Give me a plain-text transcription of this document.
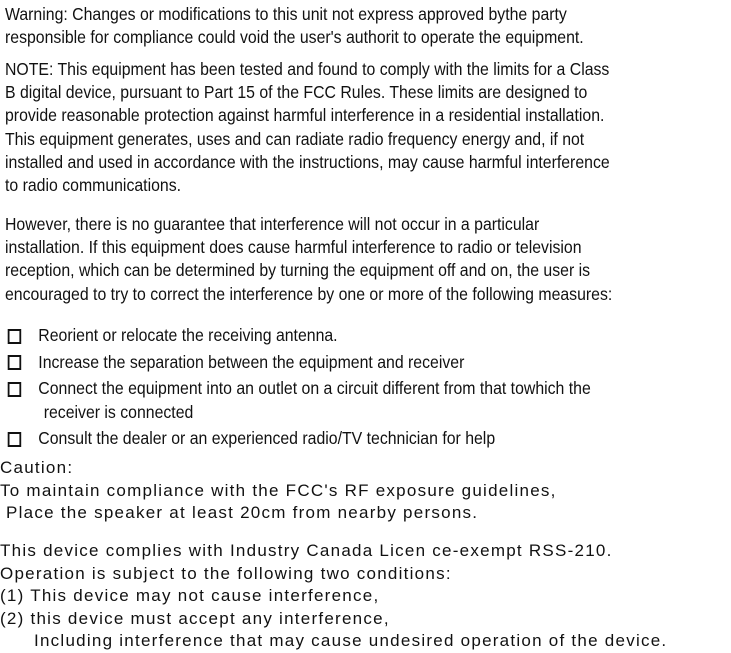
Warning: Changes or modifications to this unit not express approved bythe party

responsible for compliance could void the user's authorit to operate the equipment.

NOTE: This equipment has been tested and found to comply with the limits for a Class

B digital device, pursuant to Part 15 of the FCC Rules. These limits are designed to

provide reasonable protection against harmful interference in a residential installation.

This equipment generates, uses and can radiate radio frequency energy and, if not

installed and used in accordance with the instructions, may cause harmful interference

to radio communications.

However, there is no guarantee that interference will not occur in a particular

installation. If this equipment does cause harmful interference to radio or television

reception, which can be determined by turning the equipment off and on, the user is

encouraged to try to correct the interference by one or more of the following measures:

Reorient or relocate the receiving antenna.
Increase the separation between the equipment and receiver
Connect the equipment into an outlet on a circuit different from that towhich the
receiver is connected
Consult the dealer or an experienced radio/TV technician for help

Caution:

To maintain compliance with the FCC's RF exposure guidelines,

Place the speaker at least 20cm from nearby persons.

This device complies with Industry Canada Licen ce-exempt RSS-210.

Operation is subject to the following two conditions:

(1) This device may not cause interference,

(2) this device must accept any interference,

Including interference that may cause undesired operation of the device.
